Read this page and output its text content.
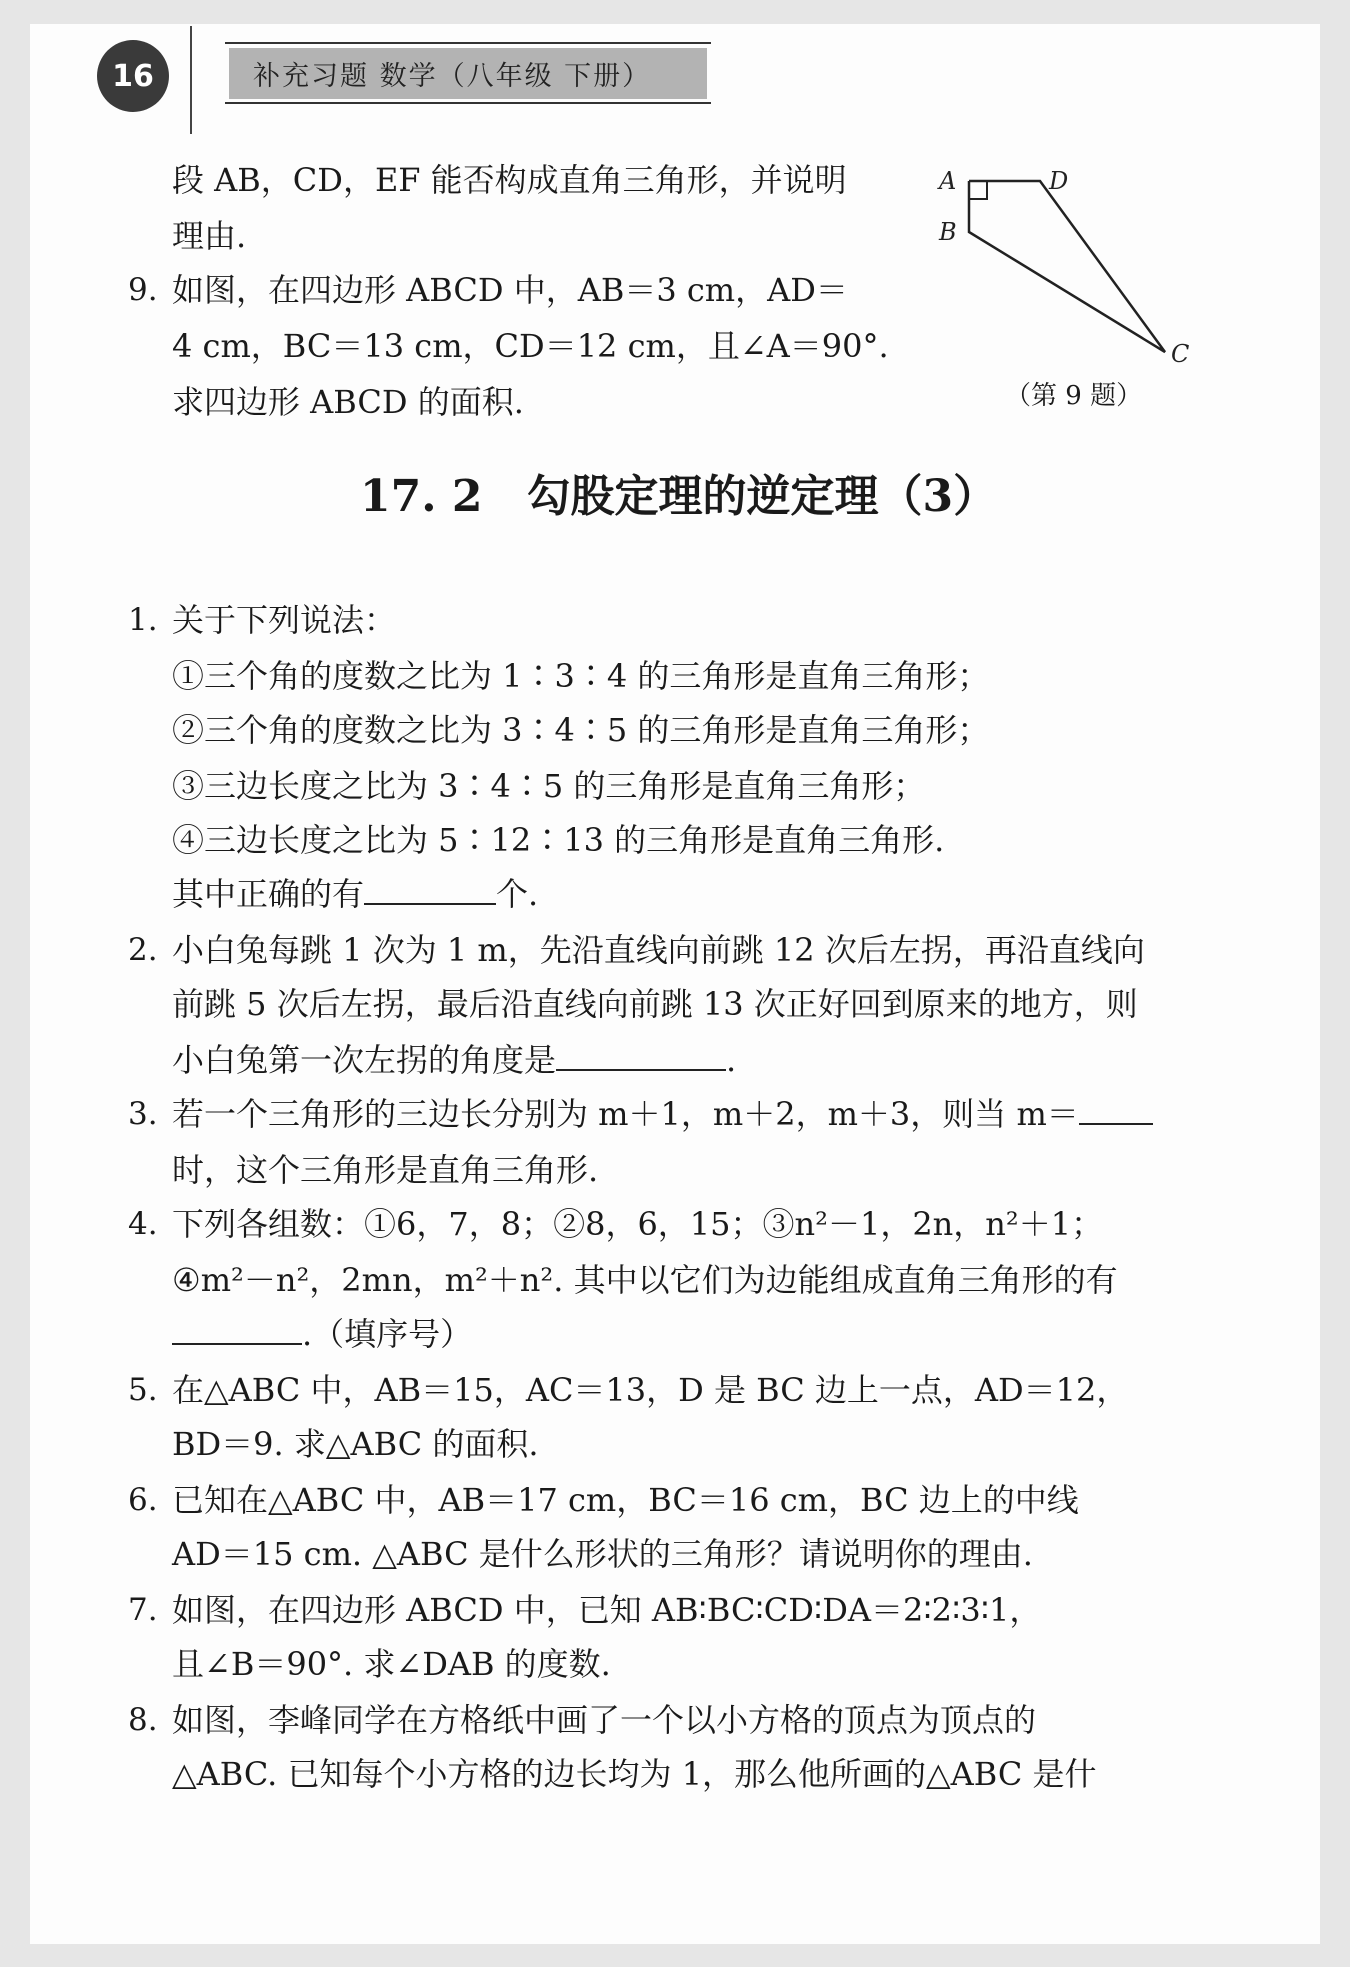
16	补充习题 数学（八年级 下册）
段 AB，CD，EF 能否构成直角三角形，并说明
理由.
9. 如图，在四边形 ABCD 中，AB＝3 cm，AD＝
4 cm，BC＝13 cm，CD＝12 cm，且∠A＝90°.
求四边形 ABCD 的面积.
A	D
B
C
（第 9 题）
17. 2　勾股定理的逆定理（3）
1. 关于下列说法：
①三个角的度数之比为 1∶3∶4 的三角形是直角三角形；
②三个角的度数之比为 3∶4∶5 的三角形是直角三角形；
③三边长度之比为 3∶4∶5 的三角形是直角三角形；
④三边长度之比为 5∶12∶13 的三角形是直角三角形.
其中正确的有	个.
2. 小白兔每跳 1 次为 1 m，先沿直线向前跳 12 次后左拐，再沿直线向
前跳 5 次后左拐，最后沿直线向前跳 13 次正好回到原来的地方，则
小白兔第一次左拐的角度是	.
3. 若一个三角形的三边长分别为 m＋1，m＋2，m＋3，则当 m＝
时，这个三角形是直角三角形.
4. 下列各组数：①6，7，8；②8，6，15；③n²－1，2n，n²＋1；
④m²－n²，2mn，m²＋n². 其中以它们为边能组成直角三角形的有
.（填序号）
5. 在△ABC 中，AB＝15，AC＝13，D 是 BC 边上一点，AD＝12，
BD＝9. 求△ABC 的面积.
6. 已知在△ABC 中，AB＝17 cm，BC＝16 cm，BC 边上的中线
AD＝15 cm. △ABC 是什么形状的三角形？请说明你的理由.
7. 如图，在四边形 ABCD 中，已知 AB∶BC∶CD∶DA＝2∶2∶3∶1，
且∠B＝90°. 求∠DAB 的度数.
8. 如图，李峰同学在方格纸中画了一个以小方格的顶点为顶点的
△ABC. 已知每个小方格的边长均为 1，那么他所画的△ABC 是什
